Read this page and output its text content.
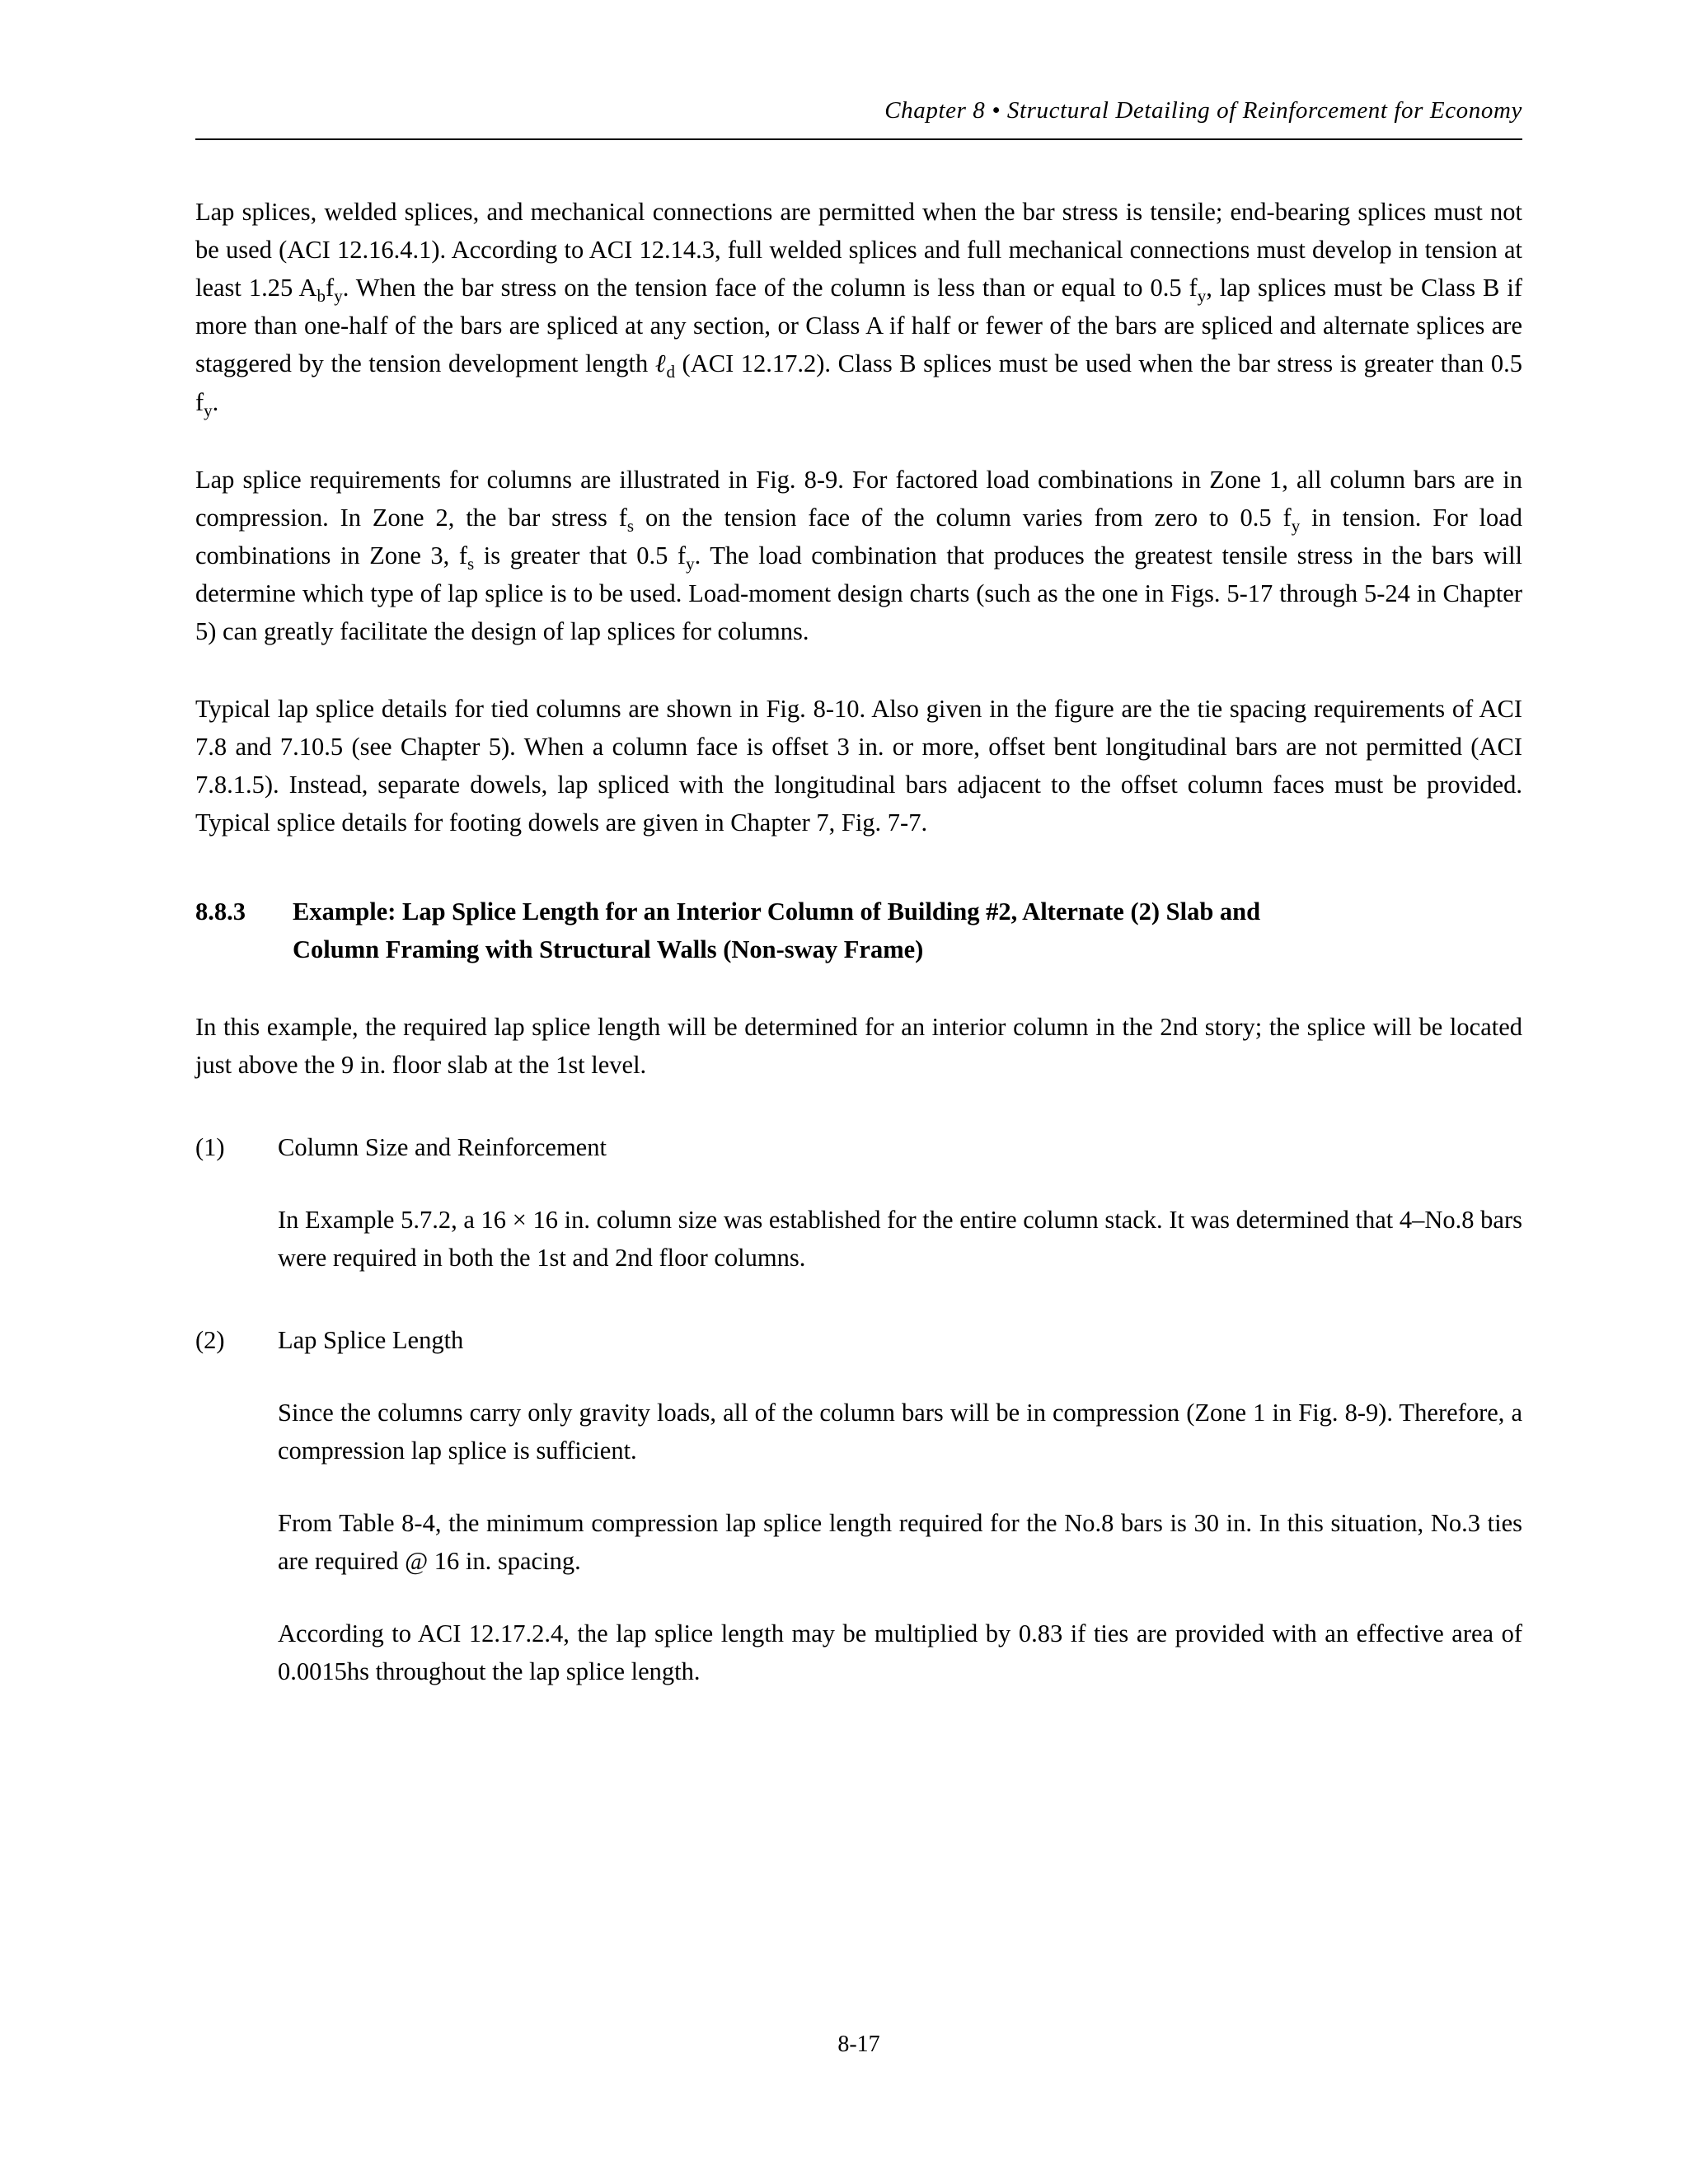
Chapter 8 • Structural Detailing of Reinforcement for Economy

Lap splices, welded splices, and mechanical connections are permitted when the bar stress is tensile; end-bearing splices must not be used (ACI 12.16.4.1). According to ACI 12.14.3, full welded splices and full mechanical connections must develop in tension at least 1.25 $A_bf_y$. When the bar stress on the tension face of the column is less than or equal to 0.5 $f_y$, lap splices must be Class B if more than one-half of the bars are spliced at any section, or Class A if half or fewer of the bars are spliced and alternate splices are staggered by the tension development length ℓ$_d$ (ACI 12.17.2). Class B splices must be used when the bar stress is greater than 0.5 $f_y$.

Lap splice requirements for columns are illustrated in Fig. 8-9. For factored load combinations in Zone 1, all column bars are in compression. In Zone 2, the bar stress $f_s$ on the tension face of the column varies from zero to 0.5 $f_y$ in tension. For load combinations in Zone 3, $f_s$ is greater that 0.5 $f_y$. The load combination that produces the greatest tensile stress in the bars will determine which type of lap splice is to be used. Load-moment design charts (such as the one in Figs. 5-17 through 5-24 in Chapter 5) can greatly facilitate the design of lap splices for columns.

Typical lap splice details for tied columns are shown in Fig. 8-10. Also given in the figure are the tie spacing requirements of ACI 7.8 and 7.10.5 (see Chapter 5). When a column face is offset 3 in. or more, offset bent longitudinal bars are not permitted (ACI 7.8.1.5). Instead, separate dowels, lap spliced with the longitudinal bars adjacent to the offset column faces must be provided. Typical splice details for footing dowels are given in Chapter 7, Fig. 7-7.

8.8.3	Example: Lap Splice Length for an Interior Column of Building #2, Alternate (2) Slab and
Column Framing with Structural Walls (Non-sway Frame)

In this example, the required lap splice length will be determined for an interior column in the 2nd story; the splice will be located just above the 9 in. floor slab at the 1st level.

(1)	Column Size and Reinforcement

In Example 5.7.2, a 16 × 16 in. column size was established for the entire column stack. It was determined that 4–No.8 bars were required in both the 1st and 2nd floor columns.

(2)	Lap Splice Length

Since the columns carry only gravity loads, all of the column bars will be in compression (Zone 1 in Fig. 8-9). Therefore, a compression lap splice is sufficient.

From Table 8-4, the minimum compression lap splice length required for the No.8 bars is 30 in. In this situation, No.3 ties are required @ 16 in. spacing.

According to ACI 12.17.2.4, the lap splice length may be multiplied by 0.83 if ties are provided with an effective area of 0.0015hs throughout the lap splice length.

8-17
